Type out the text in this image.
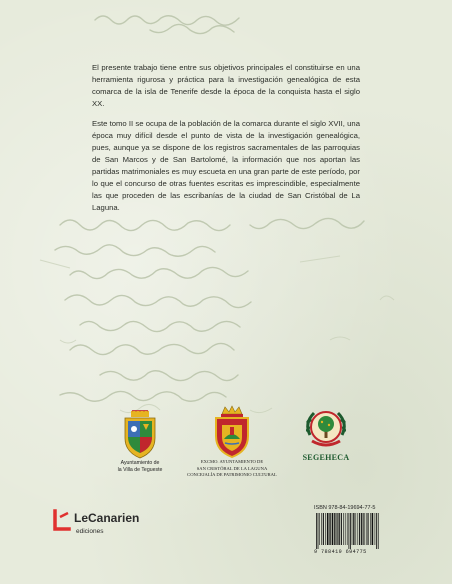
El presente trabajo tiene entre sus objetivos principales el constituirse en una herramienta rigurosa y práctica para la investigación genealógica de esta comarca de la isla de Tenerife desde la época de la conquista hasta el siglo XX.

Este tomo II se ocupa de la población de la comarca durante el siglo XVII, una época muy difícil desde el punto de vista de la investigación genealógica, pues, aunque ya se dispone de los registros sacramentales de las parroquias de San Marcos y de San Bartolomé, la información que nos aportan las partidas matrimoniales es muy escueta en una gran parte de este período, por lo que el concurso de otras fuentes escritas es imprescindible, especialmente las que proceden de las escribanías de la ciudad de San Cristóbal de La Laguna.

Ayuntamiento de
la Villa de Tegueste
EXCMO. AYUNTAMIENTO DE
SAN CRISTÓBAL DE LA LAGUNA
CONCEJALÍA DE PATRIMONIO CULTURAL
SEGEHECA
LeCanarien
ediciones
ISBN 978-84-19694-77-5
9 788419 694775
